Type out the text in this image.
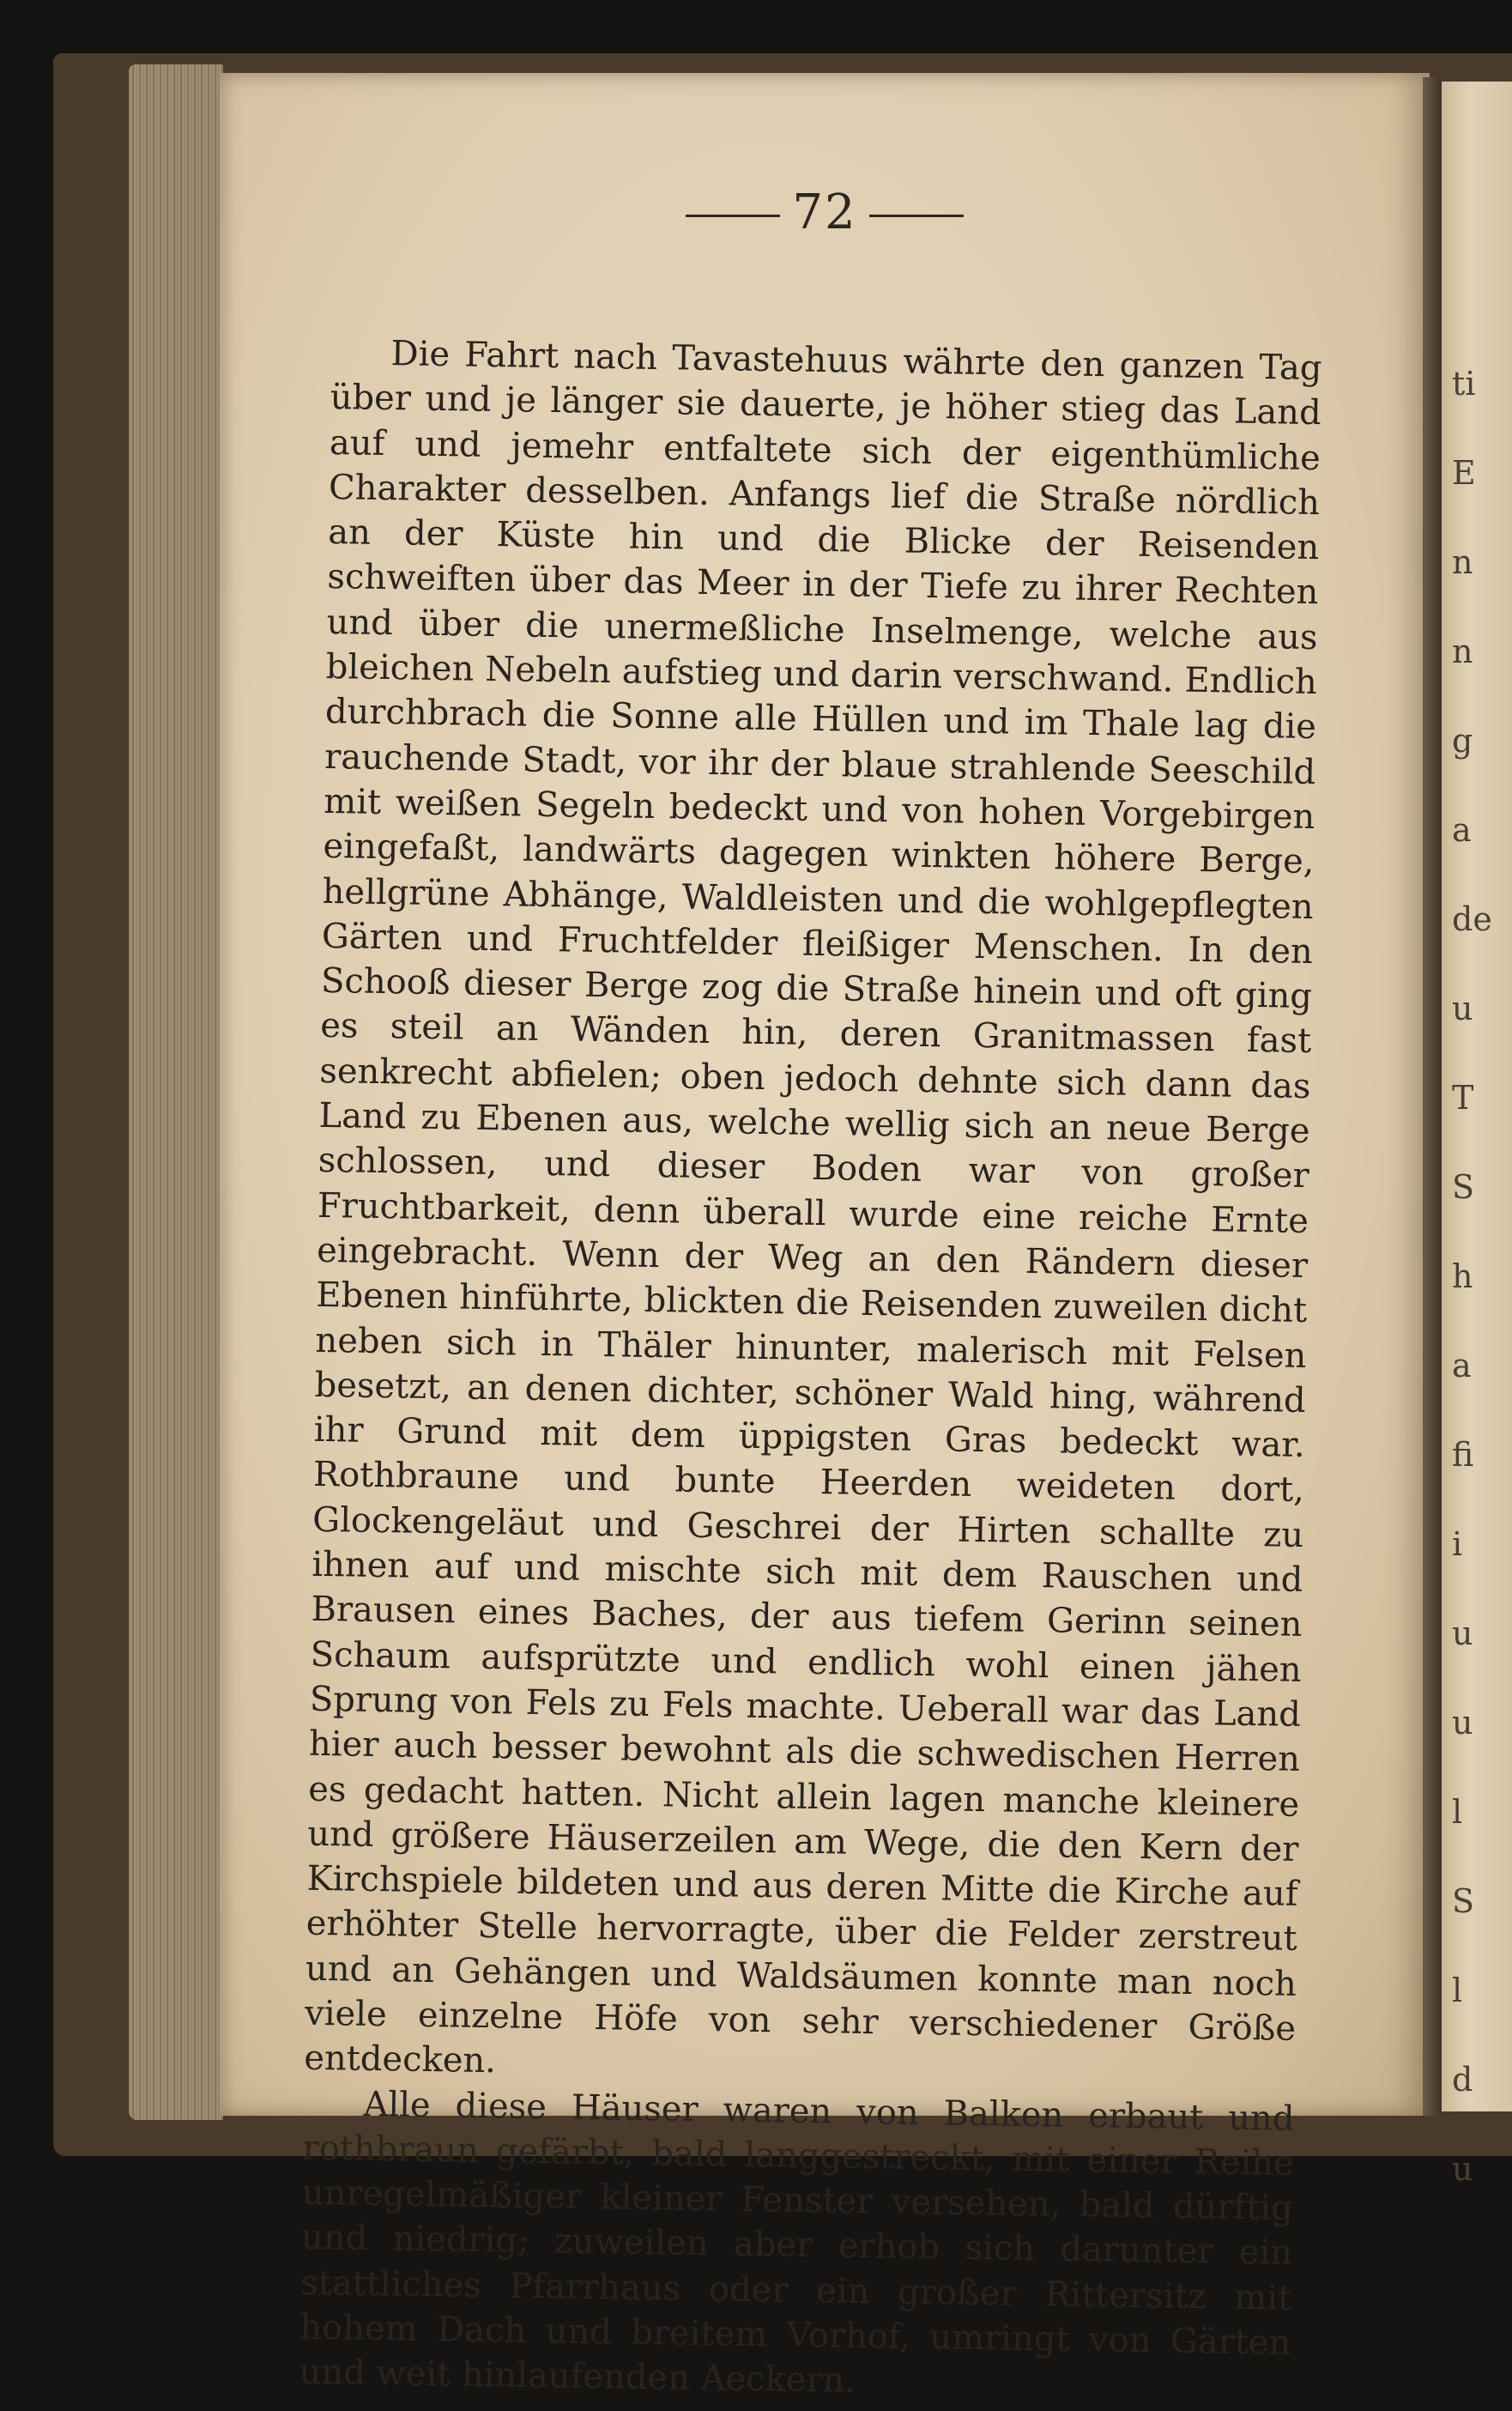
72

Die Fahrt nach Tavastehuus währte den ganzen Tag über und je länger sie dauerte, je höher stieg das Land auf und jemehr entfaltete sich der eigenthümliche Charakter desselben. Anfangs lief die Straße nördlich an der Küste hin und die Blicke der Reisenden schweiften über das Meer in der Tiefe zu ihrer Rechten und über die unermeßliche Inselmenge, welche aus bleichen Nebeln aufstieg und darin verschwand. Endlich durchbrach die Sonne alle Hüllen und im Thale lag die rauchende Stadt, vor ihr der blaue strahlende Seeschild mit weißen Segeln bedeckt und von hohen Vorgebirgen eingefaßt, landwärts dagegen winkten höhere Berge, hellgrüne Abhänge, Waldleisten und die wohlgepflegten Gärten und Fruchtfelder fleißiger Menschen. In den Schooß dieser Berge zog die Straße hinein und oft ging es steil an Wänden hin, deren Granitmassen fast senkrecht abfielen; oben jedoch dehnte sich dann das Land zu Ebenen aus, welche wellig sich an neue Berge schlossen, und dieser Boden war von großer Fruchtbarkeit, denn überall wurde eine reiche Ernte eingebracht. Wenn der Weg an den Rändern dieser Ebenen hinführte, blickten die Reisenden zuweilen dicht neben sich in Thäler hinunter, malerisch mit Felsen besetzt, an denen dichter, schöner Wald hing, während ihr Grund mit dem üppigsten Gras bedeckt war. Rothbraune und bunte Heerden weideten dort, Glockengeläut und Geschrei der Hirten schallte zu ihnen auf und mischte sich mit dem Rauschen und Brausen eines Baches, der aus tiefem Gerinn seinen Schaum aufsprützte und endlich wohl einen jähen Sprung von Fels zu Fels machte. Ueberall war das Land hier auch besser bewohnt als die schwedischen Herren es gedacht hatten. Nicht allein lagen manche kleinere und größere Häuserzeilen am Wege, die den Kern der Kirchspiele bildeten und aus deren Mitte die Kirche auf erhöhter Stelle hervorragte, über die Felder zerstreut und an Gehängen und Waldsäumen konnte man noch viele einzelne Höfe von sehr verschiedener Größe entdecken.

Alle diese Häuser waren von Balken erbaut und rothbraun gefärbt, bald langgestreckt, mit einer Reihe unregelmäßiger kleiner Fenster versehen, bald dürftig und niedrig; zuweilen aber erhob sich darunter ein stattliches Pfarrhaus oder ein großer Rittersitz mit hohem Dach und breitem Vorhof, umringt von Gärten und weit hinlaufenden Aeckern.

ti
E
n
n
g
a
de
u
T
S
h
a
fi
i
u
u
l
S
l
d
u
